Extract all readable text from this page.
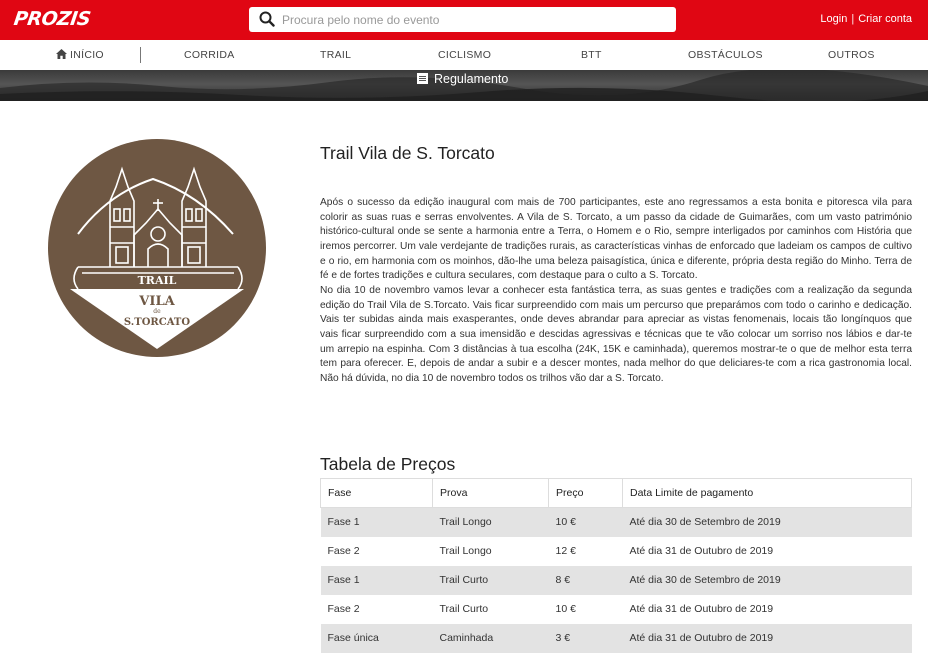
PROZIS
Procura pelo nome do evento	Login | Criar conta
INÍCIO	CORRIDA	TRAIL	CICLISMO	BTT	OBSTÁCULOS	OUTROS
Regulamento
TRAIL
VILA
de
S.TORCATO
Trail Vila de S. Torcato

Após o sucesso da edição inaugural com mais de 700 participantes, este ano regressamos a esta bonita e pitoresca vila para colorir as suas ruas e serras envolventes. A Vila de S. Torcato, a um passo da cidade de Guimarães, com um vasto património histórico-cultural onde se sente a harmonia entre a Terra, o Homem e o Rio, sempre interligados por caminhos com História que iremos percorrer. Um vale verdejante de tradições rurais, as características vinhas de enforcado que ladeiam os campos de cultivo e o rio, em harmonia com os moinhos, dão-lhe uma beleza paisagística, única e diferente, própria desta região do Minho. Terra de fé e de fortes tradições e cultura seculares, com destaque para o culto a S. Torcato.

No dia 10 de novembro vamos levar a conhecer esta fantástica terra, as suas gentes e tradições com a realização da segunda edição do Trail Vila de S.Torcato. Vais ficar surpreendido com mais um percurso que preparámos com todo o carinho e dedicação. Vais ter subidas ainda mais exasperantes, onde deves abrandar para apreciar as vistas fenomenais, locais tão longínquos que vais ficar surpreendido com a sua imensidão e descidas agressivas e técnicas que te vão colocar um sorriso nos lábios e dar-te um arrepio na espinha. Com 3 distâncias à tua escolha (24K, 15K e caminhada), queremos mostrar-te o que de melhor esta terra tem para oferecer. E, depois de andar a subir e a descer montes, nada melhor do que deliciares-te com a rica gastronomia local. Não há dúvida, no dia 10 de novembro todos os trilhos vão dar a S. Torcato.

Tabela de Preços
Fase	Prova	Preço	Data Limite de pagamento
Fase 1	Trail Longo	10 €	Até dia 30 de Setembro de 2019
Fase 2	Trail Longo	12 €	Até dia 31 de Outubro de 2019
Fase 1	Trail Curto	8 €	Até dia 30 de Setembro de 2019
Fase 2	Trail Curto	10 €	Até dia 31 de Outubro de 2019
Fase única	Caminhada	3 €	Até dia 31 de Outubro de 2019
